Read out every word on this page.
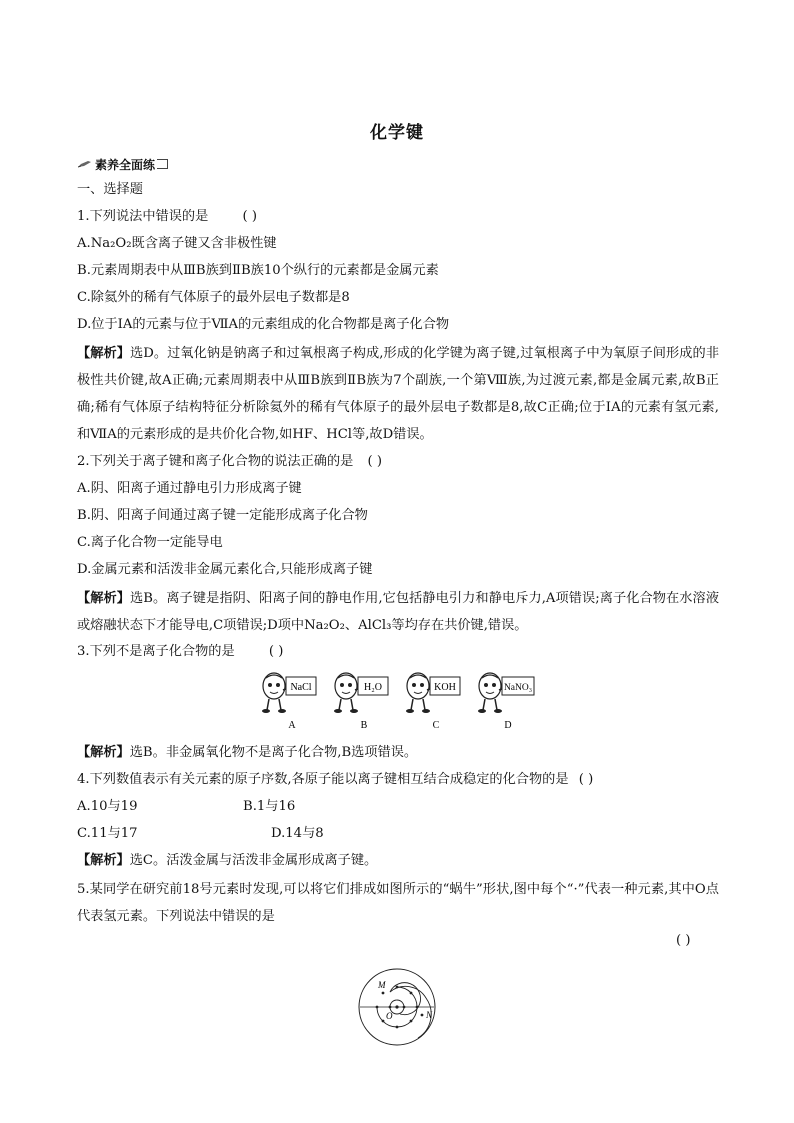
化学键
素养全面练
一、选择题
1.下列说法中错误的是	( )
A.Na₂O₂既含离子键又含非极性键
B.元素周期表中从ⅢB族到ⅡB族10个纵行的元素都是金属元素
C.除氦外的稀有气体原子的最外层电子数都是8
D.位于ⅠA的元素与位于ⅦA的元素组成的化合物都是离子化合物
【解析】选D。过氧化钠是钠离子和过氧根离子构成,形成的化学键为离子键,过氧根离子中为氧原子间形成的非极性共价键,故A正确;元素周期表中从ⅢB族到ⅡB族为7个副族,一个第Ⅷ族,为过渡元素,都是金属元素,故B正确;稀有气体原子结构特征分析除氦外的稀有气体原子的最外层电子数都是8,故C正确;位于ⅠA的元素有氢元素,和ⅦA的元素形成的是共价化合物,如HF、HCl等,故D错误。
2.下列关于离子键和离子化合物的说法正确的是 ( )
A.阴、阳离子通过静电引力形成离子键
B.阴、阳离子间通过离子键一定能形成离子化合物
C.离子化合物一定能导电
D.金属元素和活泼非金属元素化合,只能形成离子键
【解析】选B。离子键是指阴、阳离子间的静电作用,它包括静电引力和静电斥力,A项错误;离子化合物在水溶液或熔融状态下才能导电,C项错误;D项中Na₂O₂、AlCl₃等均存在共价键,错误。
3.下列不是离子化合物的是	( )
NaCl
A
H₂O
B
KOH
C
NaNO₃
D
【解析】选B。非金属氧化物不是离子化合物,B选项错误。
4.下列数值表示有关元素的原子序数,各原子能以离子键相互结合成稳定的化合物的是 ( )
A.10与19	B.1与16
C.11与17	D.14与8
【解析】选C。活泼金属与活泼非金属形成离子键。
5.某同学在研究前18号元素时发现,可以将它们排成如图所示的“蜗牛”形状,图中每个“·”代表一种元素,其中O点代表氢元素。下列说法中错误的是
( )
M
O	N
